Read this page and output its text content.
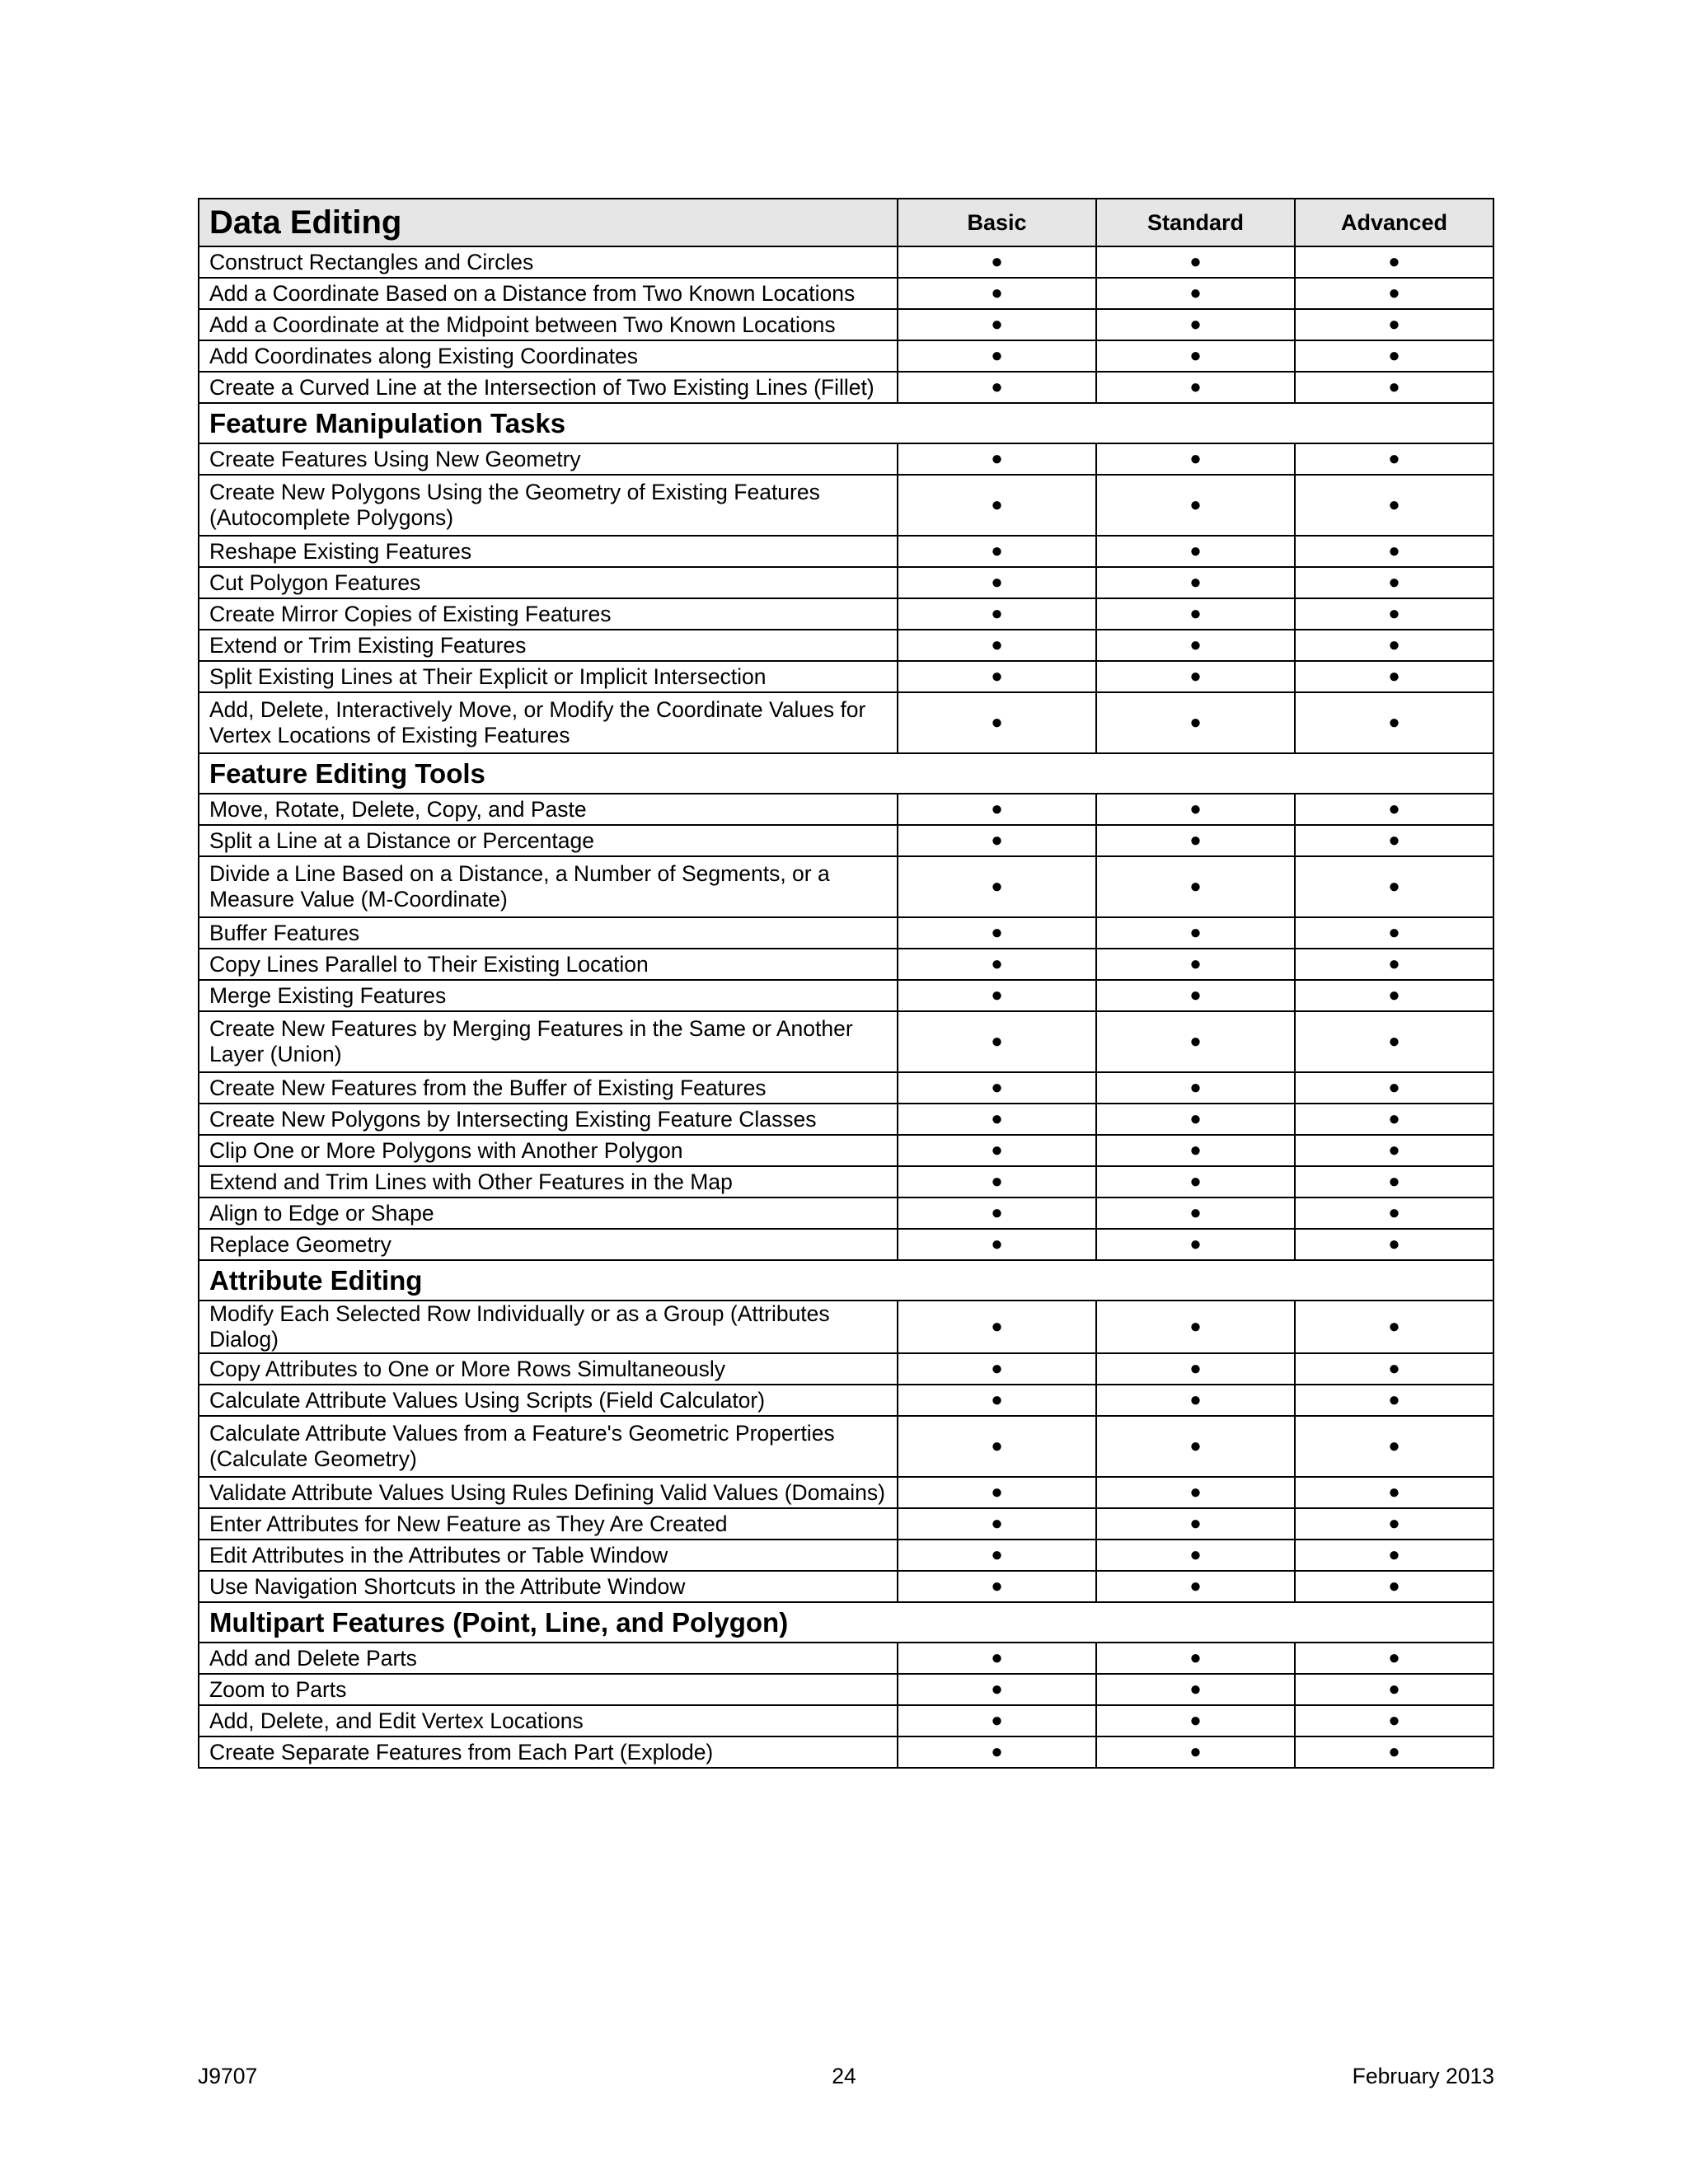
Data Editing	Basic	Standard	Advanced
Construct Rectangles and Circles	●	●	●
Add a Coordinate Based on a Distance from Two Known Locations	●	●	●
Add a Coordinate at the Midpoint between Two Known Locations	●	●	●
Add Coordinates along Existing Coordinates	●	●	●
Create a Curved Line at the Intersection of Two Existing Lines (Fillet)	●	●	●
Feature Manipulation Tasks			
Create Features Using New Geometry	●	●	●
Create New Polygons Using the Geometry of Existing Features (Autocomplete Polygons)	●	●	●
Reshape Existing Features	●	●	●
Cut Polygon Features	●	●	●
Create Mirror Copies of Existing Features	●	●	●
Extend or Trim Existing Features	●	●	●
Split Existing Lines at Their Explicit or Implicit Intersection	●	●	●
Add, Delete, Interactively Move, or Modify the Coordinate Values for Vertex Locations of Existing Features	●	●	●
Feature Editing Tools			
Move, Rotate, Delete, Copy, and Paste	●	●	●
Split a Line at a Distance or Percentage	●	●	●
Divide a Line Based on a Distance, a Number of Segments, or a Measure Value (M-Coordinate)	●	●	●
Buffer Features	●	●	●
Copy Lines Parallel to Their Existing Location	●	●	●
Merge Existing Features	●	●	●
Create New Features by Merging Features in the Same or Another Layer (Union)	●	●	●
Create New Features from the Buffer of Existing Features	●	●	●
Create New Polygons by Intersecting Existing Feature Classes	●	●	●
Clip One or More Polygons with Another Polygon	●	●	●
Extend and Trim Lines with Other Features in the Map	●	●	●
Align to Edge or Shape	●	●	●
Replace Geometry	●	●	●
Attribute Editing			
Modify Each Selected Row Individually or as a Group (Attributes Dialog)	●	●	●
Copy Attributes to One or More Rows Simultaneously	●	●	●
Calculate Attribute Values Using Scripts (Field Calculator)	●	●	●
Calculate Attribute Values from a Feature's Geometric Properties (Calculate Geometry)	●	●	●
Validate Attribute Values Using Rules Defining Valid Values (Domains)	●	●	●
Enter Attributes for New Feature as They Are Created	●	●	●
Edit Attributes in the Attributes or Table Window	●	●	●
Use Navigation Shortcuts in the Attribute Window	●	●	●
Multipart Features (Point, Line, and Polygon)			
Add and Delete Parts	●	●	●
Zoom to Parts	●	●	●
Add, Delete, and Edit Vertex Locations	●	●	●
Create Separate Features from Each Part (Explode)	●	●	●
J9707	24	February 2013
